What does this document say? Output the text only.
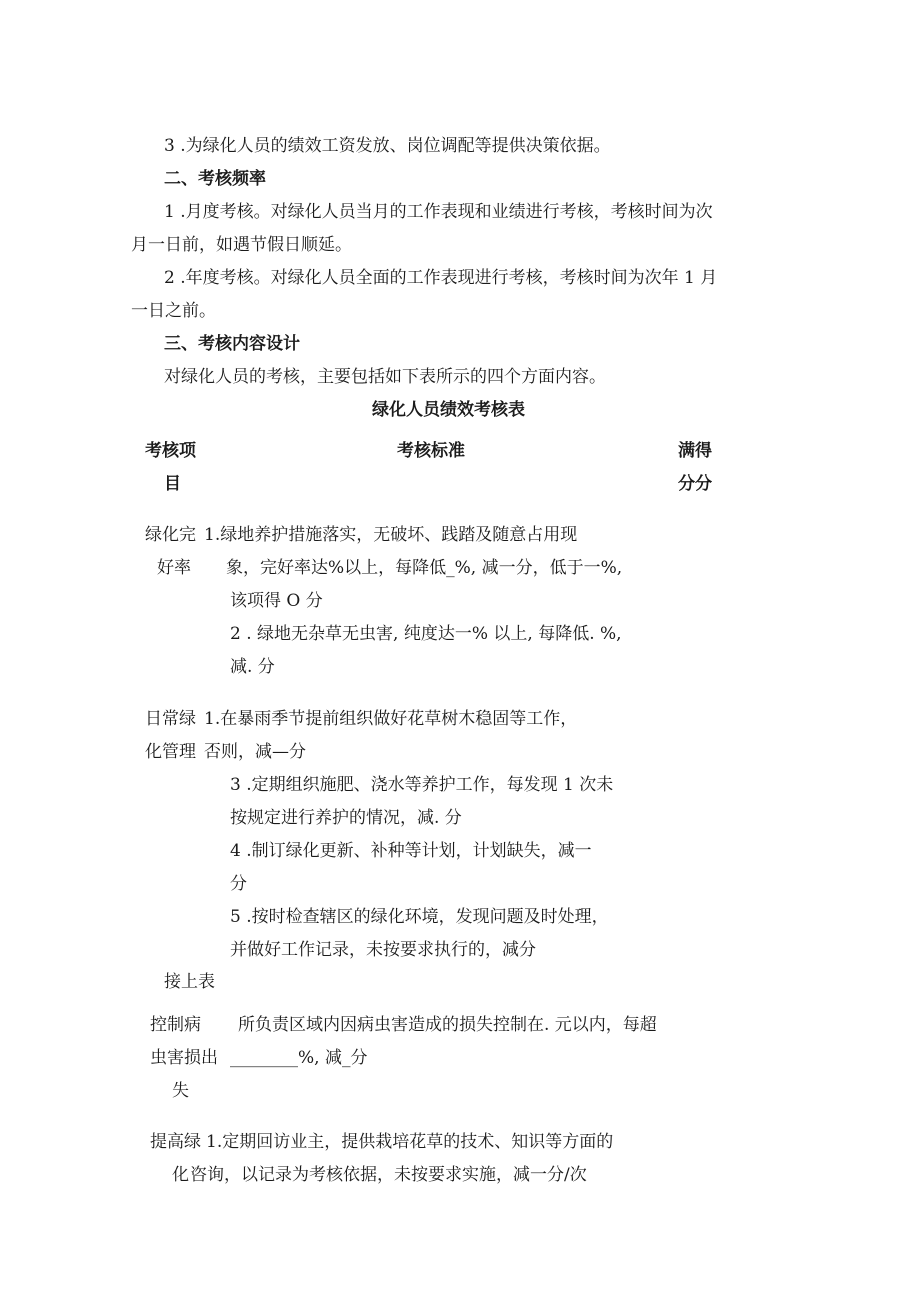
3 .为绿化人员的绩效工资发放、岗位调配等提供决策依据。
二、考核频率
1 .月度考核。对绿化人员当月的工作表现和业绩进行考核，考核时间为次
月一日前，如遇节假日顺延。
2 .年度考核。对绿化人员全面的工作表现进行考核，考核时间为次年 1 月
一日之前。
三、考核内容设计
对绿化人员的考核，主要包括如下表所示的四个方面内容。
绿化人员绩效考核表
考核项
目
考核标准	满得
分分
绿化完
好率
1.绿地养护措施落实，无破坏、践踏及随意占用现
象，完好率达%以上，每降低_%, 减一分，低于一%,
该项得 O 分
2 . 绿地无杂草无虫害, 纯度达一% 以上, 每降低. %,
减. 分
日常绿
化管理
1.在暴雨季节提前组织做好花草树木稳固等工作，
否则，减—分
3 .定期组织施肥、浇水等养护工作，每发现 1 次未
按规定进行养护的情况，减. 分
4 .制订绿化更新、补种等计划，计划缺失，减一
分
5 .按时检查辖区的绿化环境，发现问题及时处理，
并做好工作记录，未按要求执行的，减分
接上表
控制病
虫害损出
失
所负责区域内因病虫害造成的损失控制在. 元以内，每超
________%, 减_分
提高绿
化
1.定期回访业主，提供栽培花草的技术、知识等方面的
咨询，以记录为考核依据，未按要求实施，减一分/次
